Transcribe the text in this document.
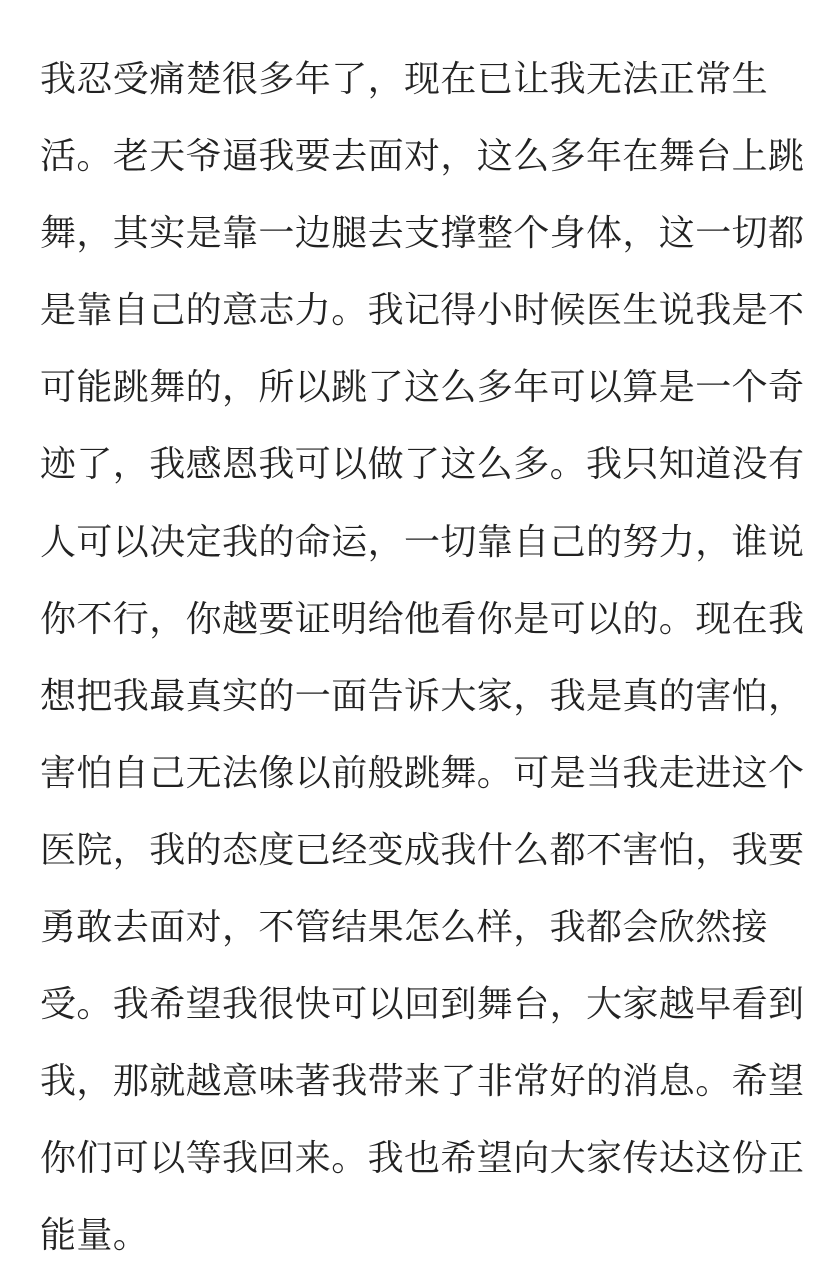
我忍受痛楚很多年了，现在已让我无法正常生
活。老天爷逼我要去面对，这么多年在舞台上跳
舞，其实是靠一边腿去支撑整个身体，这一切都
是靠自己的意志力。我记得小时候医生说我是不
可能跳舞的，所以跳了这么多年可以算是一个奇
迹了，我感恩我可以做了这么多。我只知道没有
人可以决定我的命运，一切靠自己的努力，谁说
你不行，你越要证明给他看你是可以的。现在我
想把我最真实的一面告诉大家，我是真的害怕，
害怕自己无法像以前般跳舞。可是当我走进这个
医院，我的态度已经变成我什么都不害怕，我要
勇敢去面对，不管结果怎么样，我都会欣然接
受。我希望我很快可以回到舞台，大家越早看到
我，那就越意味著我带来了非常好的消息。希望
你们可以等我回来。我也希望向大家传达这份正
能量。
